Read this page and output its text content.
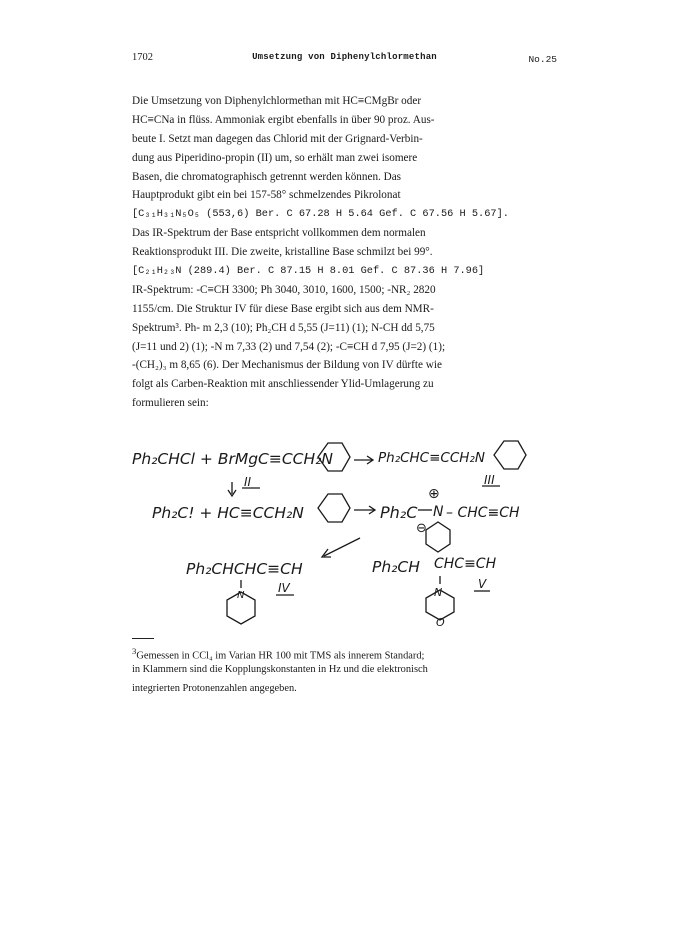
1702	Umsetzung von Diphenylchlormethan	No.25
Die Umsetzung von Diphenylchlormethan mit HC≡CMgBr oder
HC≡CNa in flüss. Ammoniak ergibt ebenfalls in über 90 proz. Aus-
beute I. Setzt man dagegen das Chlorid mit der Grignard-Verbin-
dung aus Piperidino-propin (II) um, so erhält man zwei isomere
Basen, die chromatographisch getrennt werden können. Das
Hauptprodukt gibt ein bei 157-58° schmelzendes Pikrolonat
[C₃₁H₃₁N₅O₅ (553,6) Ber. C 67.28 H 5.64 Gef. C 67.56 H 5.67].
Das IR-Spektrum der Base entspricht vollkommen dem normalen
Reaktionsprodukt III. Die zweite, kristalline Base schmilzt bei 99°.
[C₂₁H₂₃N (289.4) Ber. C 87.15 H 8.01 Gef. C 87.36 H 7.96]
IR-Spektrum: -C≡CH 3300; Ph 3040, 3010, 1600, 1500; -NR₂ 2820
1155/cm. Die Struktur IV für diese Base ergibt sich aus dem NMR-
Spektrum³. Ph- m 2,3 (10); Ph₂CH d 5,55 (J=11) (1); N-CH dd 5,75
(J=11 und 2) (1); -N m 7,33 (2) und 7,54 (2); -C≡CH d 7,95 (J=2) (1);
-(CH₂)₃ m 8,65 (6). Der Mechanismus der Bildung von IV dürfte wie
folgt als Carben-Reaktion mit anschliessender Ylid-Umlagerung zu
formulieren sein:
Ph₂CHCl + BrMgC≡CCH₂N
II
Ph₂CHC≡CCH₂N
III
Ph₂C! + HC≡CCH₂N	Ph₂C
⊖
N
⊕
– CHC≡CH
Ph₂CHCHC≡CH
N
IV
Ph₂CH CHC≡CH
N
O
V
$^3$Gemessen in CCl₄ im Varian HR 100 mit TMS als innerem Standard;
in Klammern sind die Kopplungskonstanten in Hz und die elektronisch
integrierten Protonenzahlen angegeben.
